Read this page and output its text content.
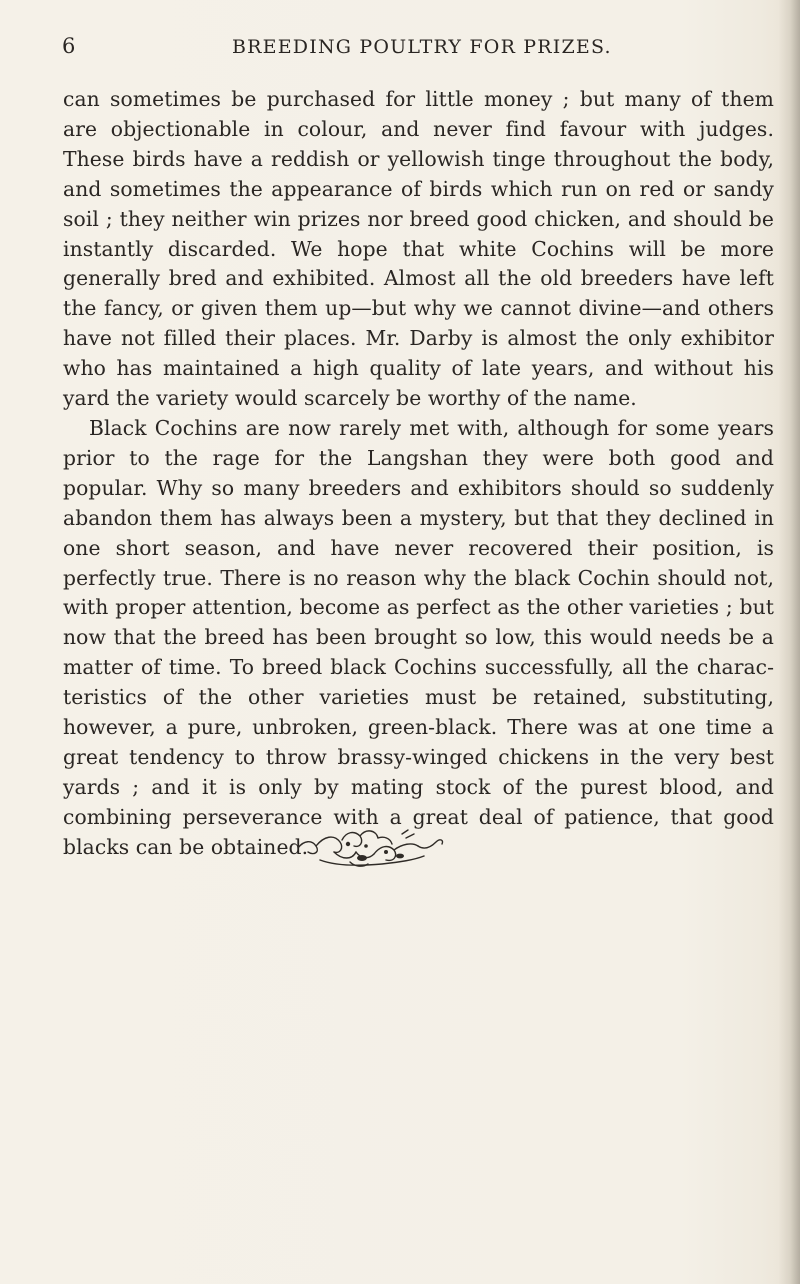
6	BREEDING POULTRY FOR PRIZES.

can sometimes be purchased for little money ; but many of them are objectionable in colour, and never find favour with judges. These birds have a reddish or yellowish tinge throughout the body, and sometimes the appearance of birds which run on red or sandy soil ; they neither win prizes nor breed good chicken, and should be instantly discarded. We hope that white Cochins will be more generally bred and exhibited. Almost all the old breeders have left the fancy, or given them up—but why we cannot divine—and others have not filled their places. Mr. Darby is almost the only exhibitor who has maintained a high quality of late years, and without his yard the variety would scarcely be worthy of the name.

Black Cochins are now rarely met with, although for some years prior to the rage for the Langshan they were both good and popular. Why so many breeders and exhibitors should so suddenly abandon them has always been a mystery, but that they declined in one short season, and have never recovered their position, is perfectly true. There is no reason why the black Cochin should not, with proper attention, become as perfect as the other varieties ; but now that the breed has been brought so low, this would needs be a matter of time. To breed black Cochins successfully, all the characteristics of the other varieties must be retained, substituting, however, a pure, unbroken, green-black. There was at one time a great tendency to throw brassy-winged chickens in the very best yards ; and it is only by mating stock of the purest blood, and combining perseverance with a great deal of patience, that good blacks can be obtained.
